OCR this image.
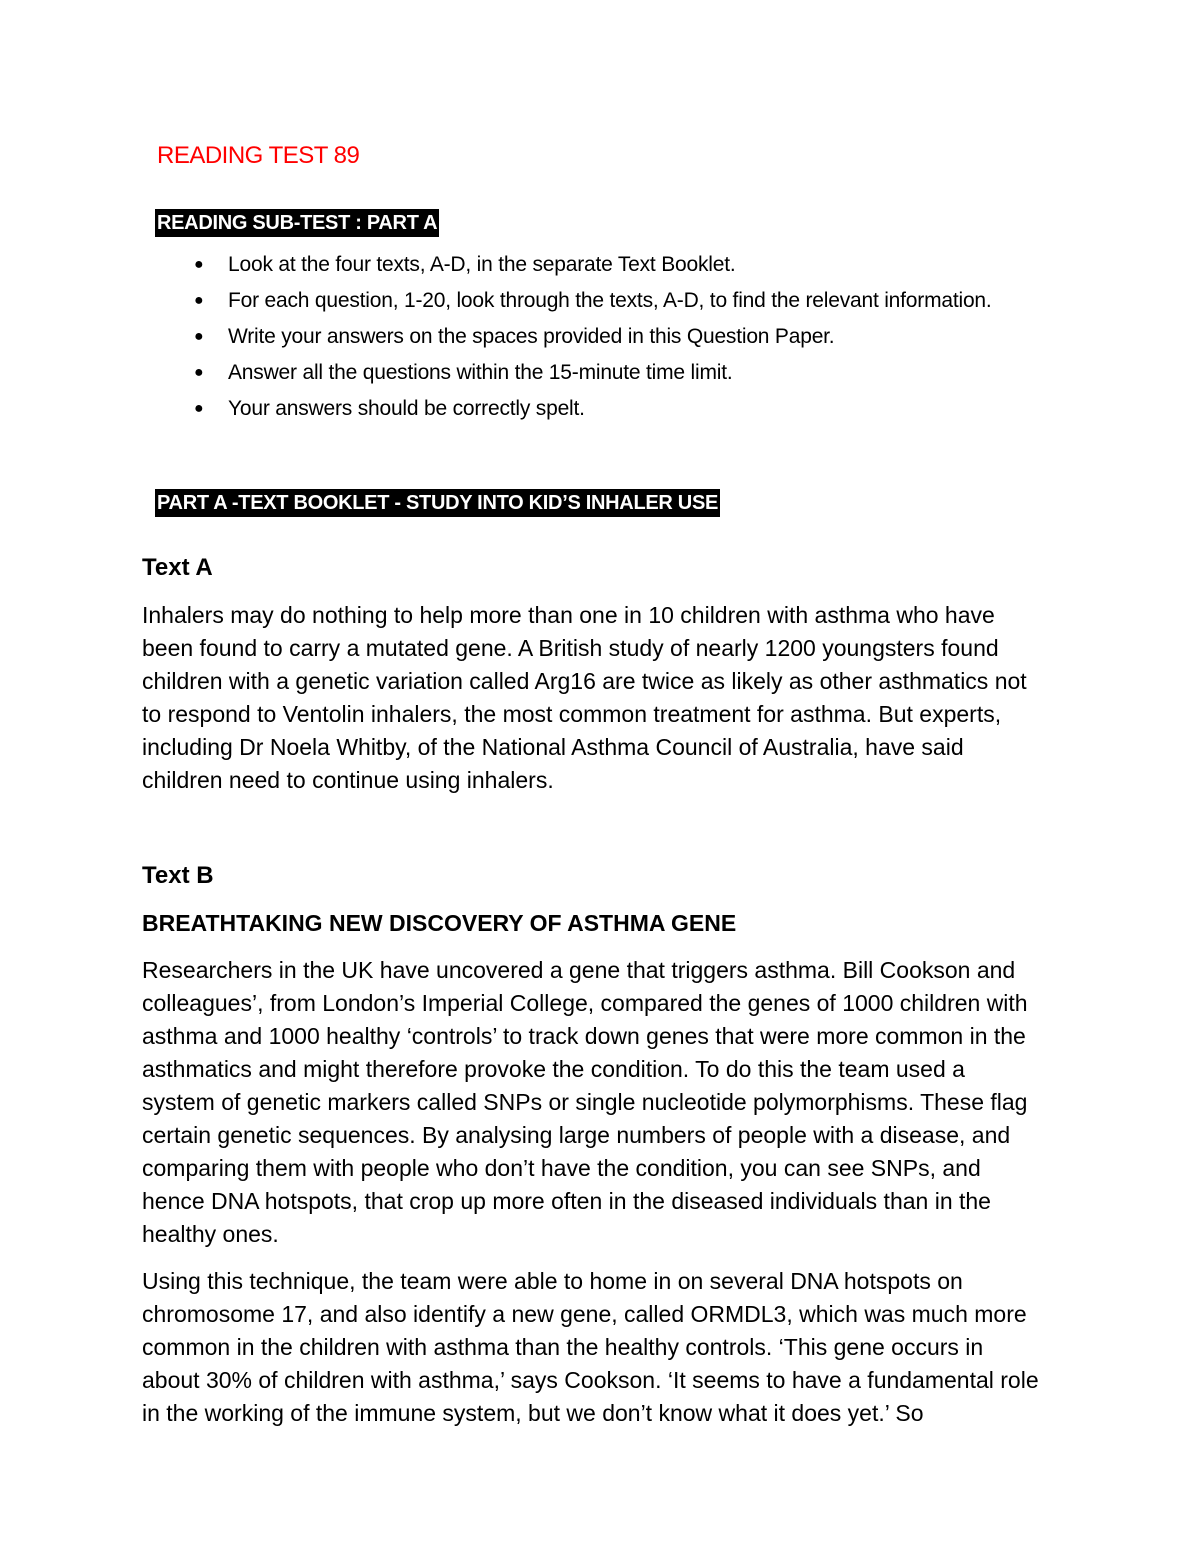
READING TEST 89
READING SUB-TEST : PART A
● Look at the four texts, A-D, in the separate Text Booklet.
● For each question, 1-20, look through the texts, A-D, to find the relevant information.
● Write your answers on the spaces provided in this Question Paper.
● Answer all the questions within the 15-minute time limit.
● Your answers should be correctly spelt.
PART A -TEXT BOOKLET - STUDY INTO KID’S INHALER USE
Text A

Inhalers may do nothing to help more than one in 10 children with asthma who have been found to carry a mutated gene. A British study of nearly 1200 youngsters found children with a genetic variation called Arg16 are twice as likely as other asthmatics not to respond to Ventolin inhalers, the most common treatment for asthma. But experts, including Dr Noela Whitby, of the National Asthma Council of Australia, have said children need to continue using inhalers.

Text B
BREATHTAKING NEW DISCOVERY OF ASTHMA GENE

Researchers in the UK have uncovered a gene that triggers asthma. Bill Cookson and colleagues’, from London’s Imperial College, compared the genes of 1000 children with asthma and 1000 healthy ‘controls’ to track down genes that were more common in the asthmatics and might therefore provoke the condition. To do this the team used a system of genetic markers called SNPs or single nucleotide polymorphisms. These flag certain genetic sequences. By analysing large numbers of people with a disease, and comparing them with people who don’t have the condition, you can see SNPs, and hence DNA hotspots, that crop up more often in the diseased individuals than in the healthy ones.

Using this technique, the team were able to home in on several DNA hotspots on chromosome 17, and also identify a new gene, called ORMDL3, which was much more common in the children with asthma than the healthy controls. ‘This gene occurs in about 30% of children with asthma,’ says Cookson. ‘It seems to have a fundamental role in the working of the immune system, but we don’t know what it does yet.’ So
